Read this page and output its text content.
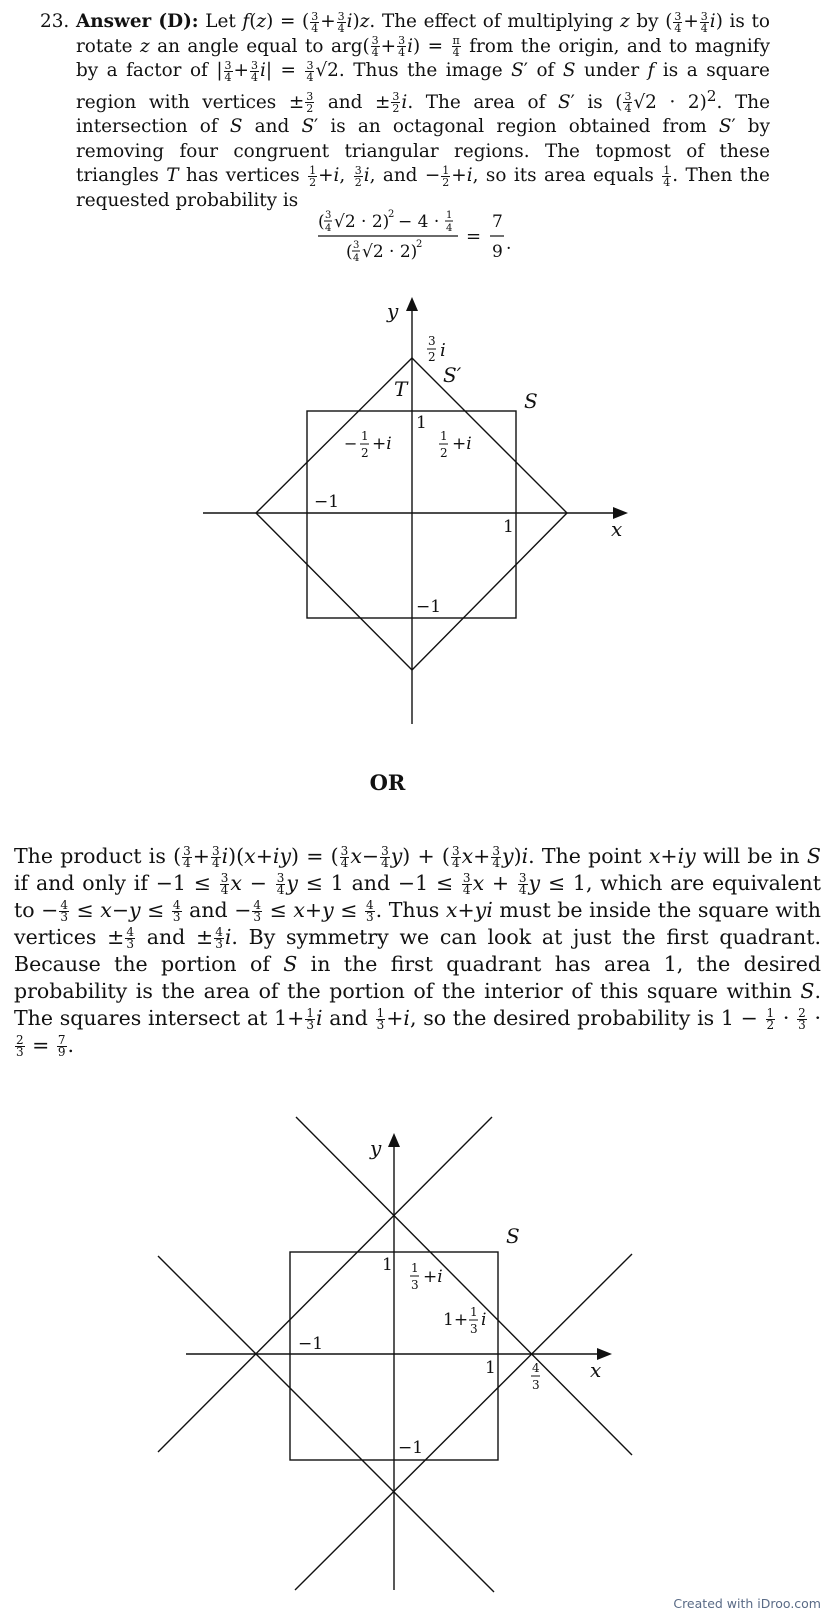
23. Answer (D): Let f(z) = ( $\frac{3}{4} + \frac{3}{4} i)z$. The effect of multiplying z by ( $\frac{3}{4} + \frac{3}{4} i$) is to rotate z an angle equal to $arg( \frac{3}{4} + \frac{3}{4} i) = \frac{\pi}{4}$ from the origin, and to magnify by a factor of | $\frac{3}{4} + \frac{3}{4} i| = \frac{3}{4} √2$. Thus the image S′ of S under f is a square region with vertices ± $\frac{3}{2}$ and ± $\frac{3}{2} i$. The area of S′ is ( $\frac{3}{4} √2 \cdot 2)^2$. The intersection of S and S′ is an octagonal region obtained from S′ by removing four congruent triangular regions. The topmost of these triangles T has vertices $\frac{1}{2} +i$, $\frac{3}{2} i$, and − $\frac{1}{2} +i$, so its area equals $\frac{1}{4}$ . Then the requested probability is
( 3
4 √2 · 2)
2 − 4 · 1
4
( 3
4 √2 · 2)
2 =
7
9 .
y
x
3
2 i
S′
T	S
1
− 1
2 +i	1
2 +i
−1
1
−1
OR
The product is ( $\frac{3}{4} + \frac{3}{4} i)(x+iy)$ = ( $\frac{3}{4} x- \frac{3}{4} y$) + ( $\frac{3}{4} x+ \frac{3}{4} y)i$. The point x+iy will be in S if and only if $-1 \le \frac{3}{4}$ $x - \frac{3}{4}$ y ≤ 1 and $-1 \le \frac{3}{4}$ $x + \frac{3}{4}$ y ≤ 1, which are equivalent to − $\frac{4}{3} \le x-y \le \frac{4}{3}$ and − $\frac{4}{3} \le x+y \le \frac{4}{3}$ . Thus x+yi must be inside the square with vertices ± $\frac{4}{3}$ and ± $\frac{4}{3} i$. By symmetry we can look at just the first quadrant. Because the portion of S in the first quadrant has area 1, the desired probability is the area of the portion of the interior of this square within S. The squares intersect at $1+ \frac{1}{3}$ i and $\frac{1}{3} +i$, so the desired probability is $1 - \frac{1}{2} \cdot \frac{2}{3}$ ·
$\frac{2}{3} = \frac{7}{9}$ .
y
x
S
1 1
3 +i
1+ 1
3 i
−1
1	4
3
−1
Created with iDroo.com
